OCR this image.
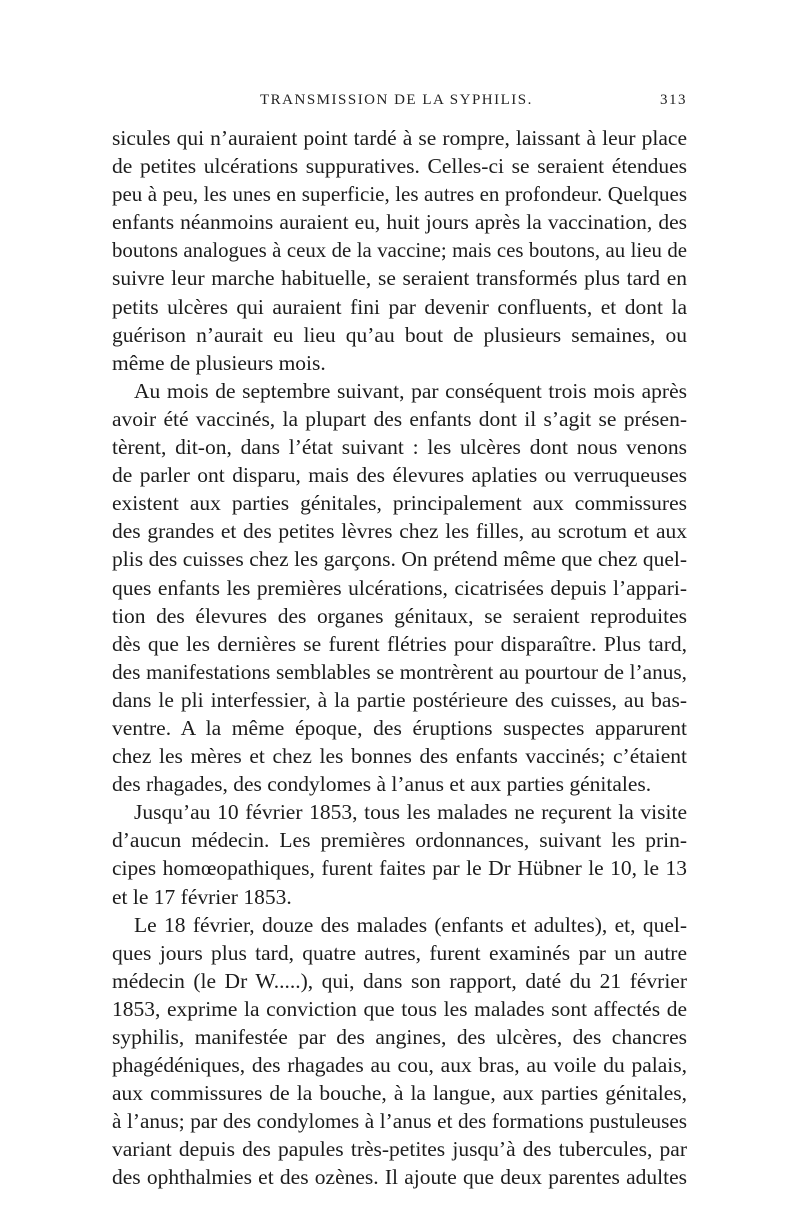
TRANSMISSION DE LA SYPHILIS.	313
sicules qui n’auraient point tardé à se rompre, laissant à leur place
de petites ulcérations suppuratives. Celles-ci se seraient étendues
peu à peu, les unes en superficie, les autres en profondeur. Quelques
enfants néanmoins auraient eu, huit jours après la vaccination, des
boutons analogues à ceux de la vaccine; mais ces boutons, au lieu de
suivre leur marche habituelle, se seraient transformés plus tard en
petits ulcères qui auraient fini par devenir confluents, et dont la
guérison n’aurait eu lieu qu’au bout de plusieurs semaines, ou
même de plusieurs mois.
Au mois de septembre suivant, par conséquent trois mois après
avoir été vaccinés, la plupart des enfants dont il s’agit se présen-
tèrent, dit-on, dans l’état suivant : les ulcères dont nous venons
de parler ont disparu, mais des élevures aplaties ou verruqueuses
existent aux parties génitales, principalement aux commissures
des grandes et des petites lèvres chez les filles, au scrotum et aux
plis des cuisses chez les garçons. On prétend même que chez quel-
ques enfants les premières ulcérations, cicatrisées depuis l’appari-
tion des élevures des organes génitaux, se seraient reproduites
dès que les dernières se furent flétries pour disparaître. Plus tard,
des manifestations semblables se montrèrent au pourtour de l’anus,
dans le pli interfessier, à la partie postérieure des cuisses, au bas-
ventre. A la même époque, des éruptions suspectes apparurent
chez les mères et chez les bonnes des enfants vaccinés; c’étaient
des rhagades, des condylomes à l’anus et aux parties génitales.
Jusqu’au 10 février 1853, tous les malades ne reçurent la visite
d’aucun médecin. Les premières ordonnances, suivant les prin-
cipes homœopathiques, furent faites par le Dr Hübner le 10, le 13
et le 17 février 1853.
Le 18 février, douze des malades (enfants et adultes), et, quel-
ques jours plus tard, quatre autres, furent examinés par un autre
médecin (le Dr W.....), qui, dans son rapport, daté du 21 février
1853, exprime la conviction que tous les malades sont affectés de
syphilis, manifestée par des angines, des ulcères, des chancres
phagédéniques, des rhagades au cou, aux bras, au voile du palais,
aux commissures de la bouche, à la langue, aux parties génitales,
à l’anus; par des condylomes à l’anus et des formations pustuleuses
variant depuis des papules très-petites jusqu’à des tubercules, par
des ophthalmies et des ozènes. Il ajoute que deux parentes adultes
